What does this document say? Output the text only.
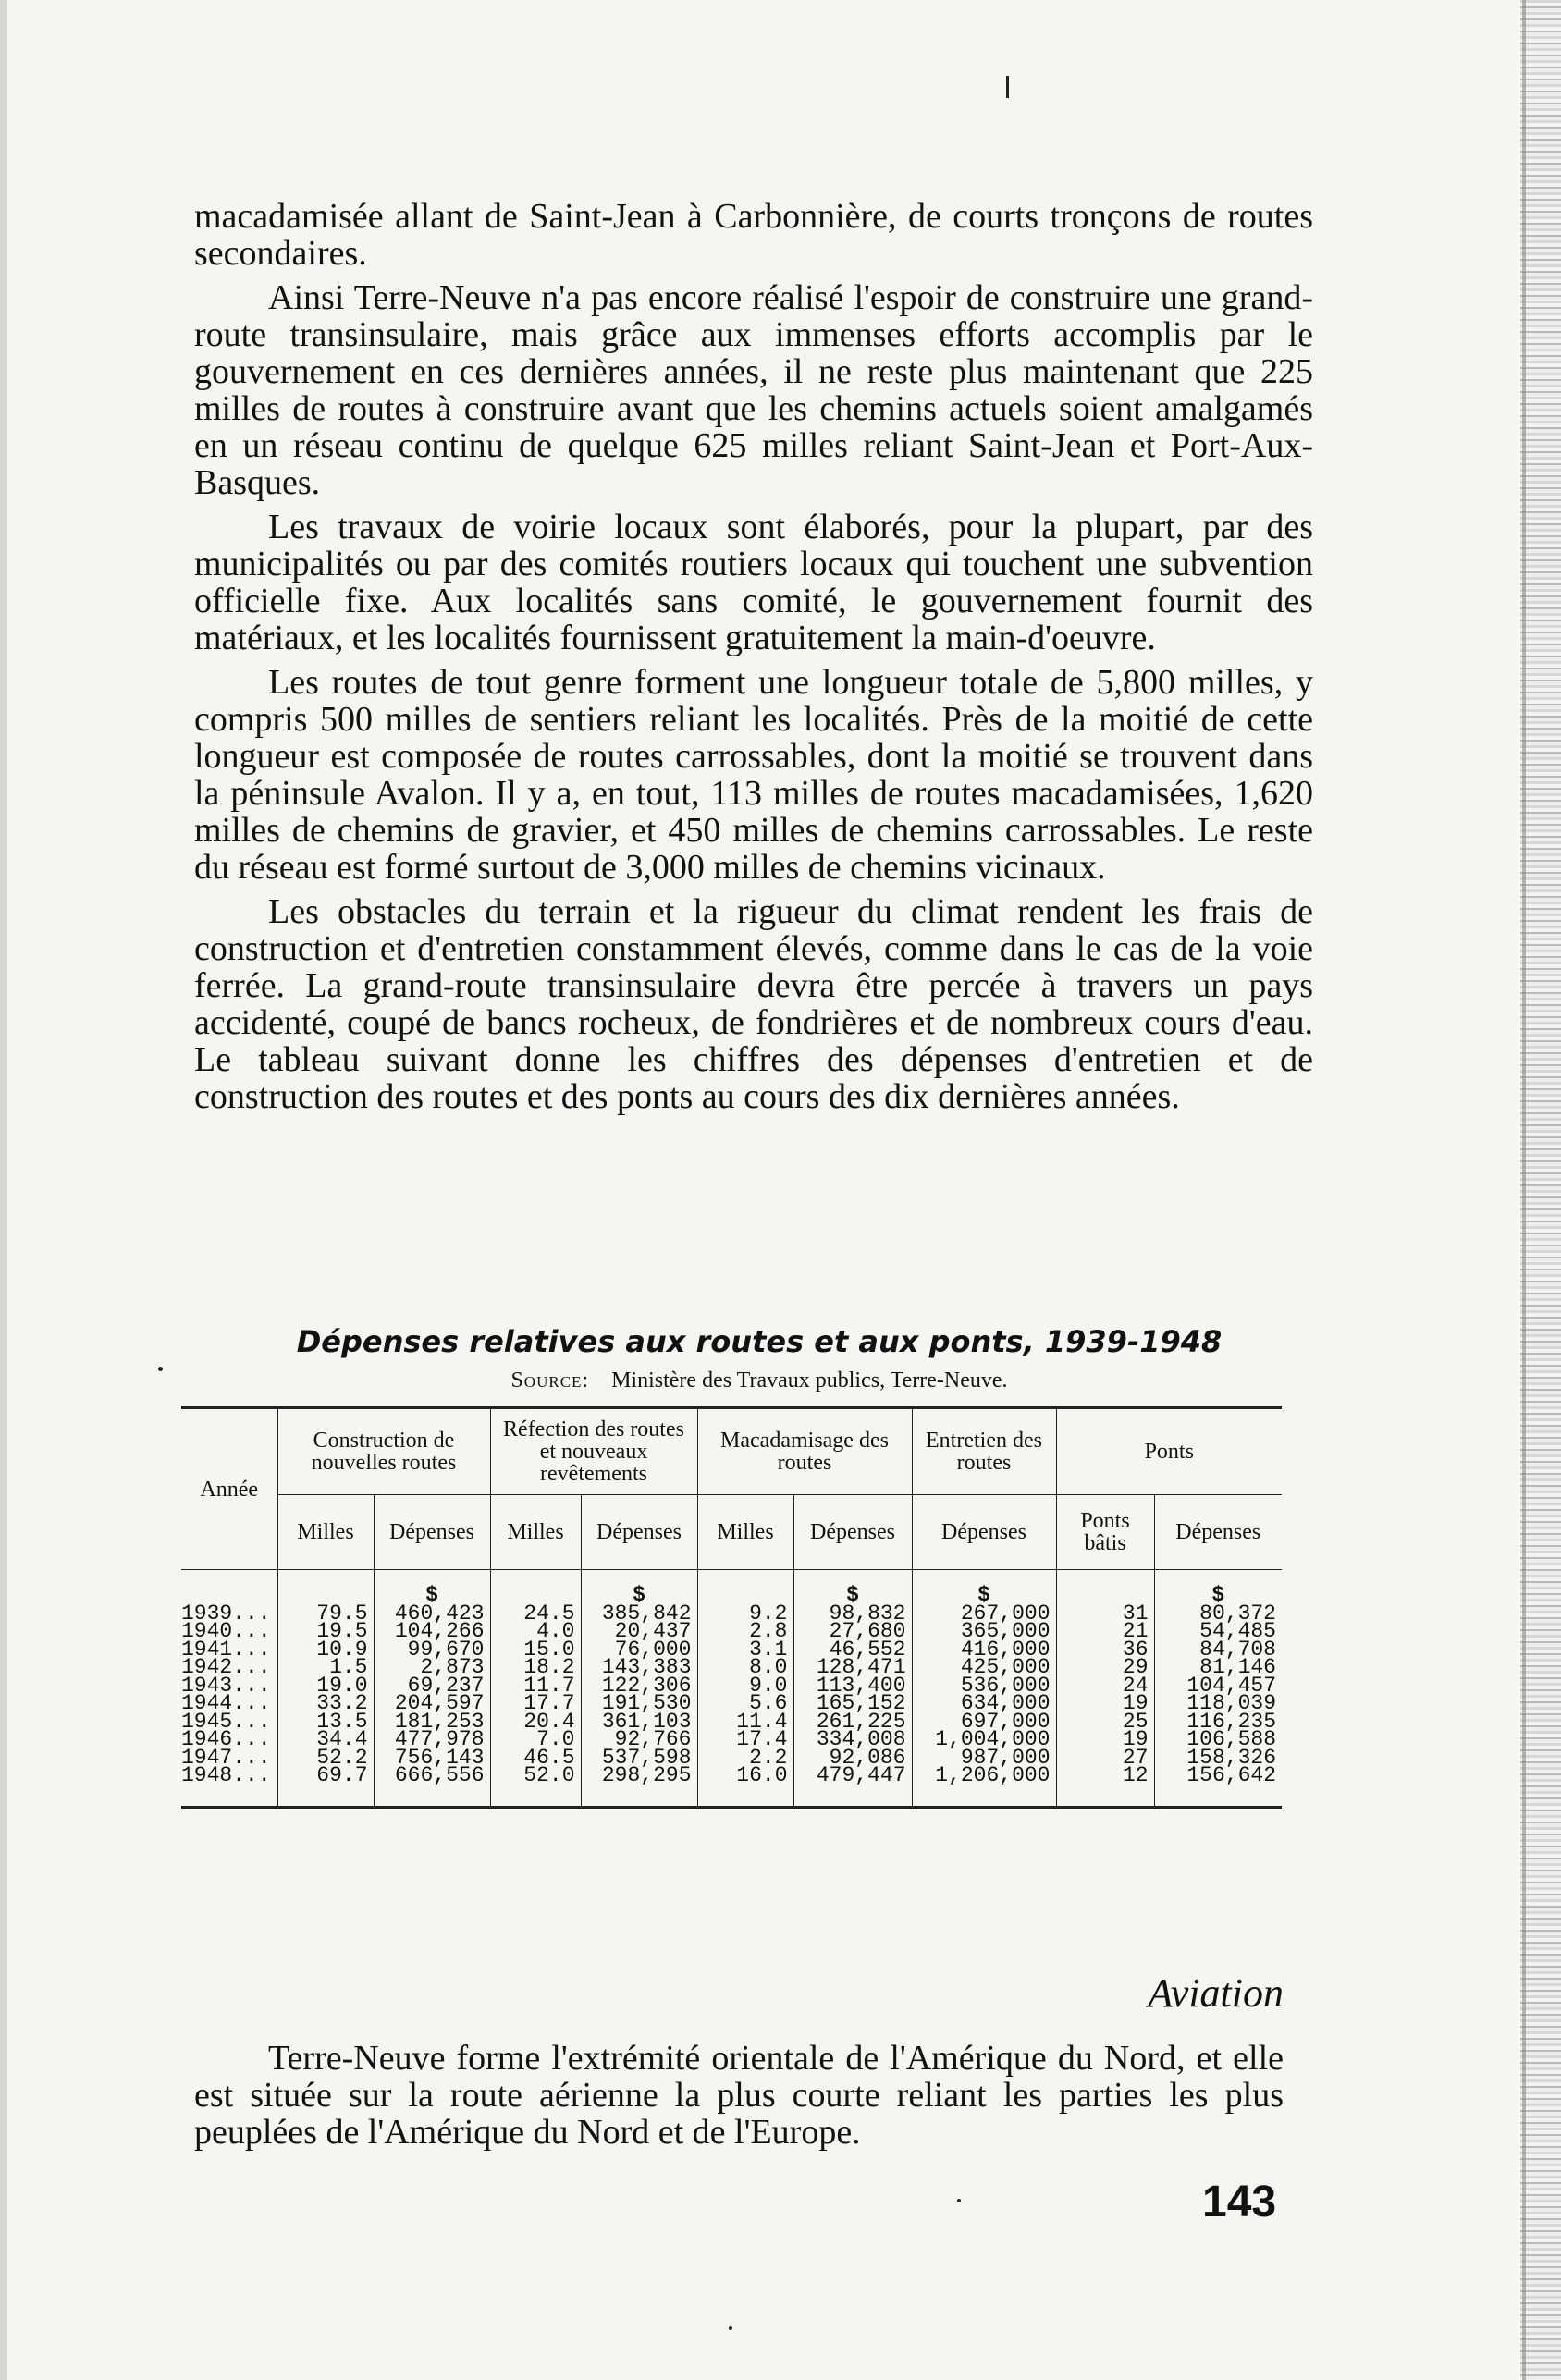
macadamisée allant de Saint-Jean à Carbonnière, de courts tronçons de routes secondaires.

Ainsi Terre-Neuve n'a pas encore réalisé l'espoir de construire une grand-route transinsulaire, mais grâce aux immenses efforts accomplis par le gouvernement en ces dernières années, il ne reste plus maintenant que 225 milles de routes à construire avant que les chemins actuels soient amalgamés en un réseau continu de quelque 625 milles reliant Saint-Jean et Port-Aux-Basques.

Les travaux de voirie locaux sont élaborés, pour la plupart, par des municipalités ou par des comités routiers locaux qui touchent une subvention officielle fixe. Aux localités sans comité, le gouvernement fournit des matériaux, et les localités fournissent gratuitement la main-d'oeuvre.

Les routes de tout genre forment une longueur totale de 5,800 milles, y compris 500 milles de sentiers reliant les localités. Près de la moitié de cette longueur est composée de routes carrossables, dont la moitié se trouvent dans la péninsule Avalon. Il y a, en tout, 113 milles de routes macadamisées, 1,620 milles de chemins de gravier, et 450 milles de chemins carrossables. Le reste du réseau est formé surtout de 3,000 milles de chemins vicinaux.

Les obstacles du terrain et la rigueur du climat rendent les frais de construction et d'entretien constamment élevés, comme dans le cas de la voie ferrée. La grand-route transinsulaire devra être percée à travers un pays accidenté, coupé de bancs rocheux, de fondrières et de nombreux cours d'eau. Le tableau suivant donne les chiffres des dépenses d'entretien et de construction des routes et des ponts au cours des dix dernières années.

Dépenses relatives aux routes et aux ponts, 1939-1948
Source: Ministère des Travaux publics, Terre-Neuve.
Année	Construction de nouvelles routes		Réfection des routes et nouveaux revêtements		Macadamisage des routes		Entretien des routes	Ponts	
	Milles	Dépenses	Milles	Dépenses	Milles	Dépenses	Dépenses	Ponts bâtis	Dépenses
		$		$		$	$		$
1939...	79.5	460,423	24.5	385,842	9.2	98,832	267,000	31	80,372
1940...	19.5	104,266	4.0	20,437	2.8	27,680	365,000	21	54,485
1941...	10.9	99,670	15.0	76,000	3.1	46,552	416,000	36	84,708
1942...	1.5	2,873	18.2	143,383	8.0	128,471	425,000	29	81,146
1943...	19.0	69,237	11.7	122,306	9.0	113,400	536,000	24	104,457
1944...	33.2	204,597	17.7	191,530	5.6	165,152	634,000	19	118,039
1945...	13.5	181,253	20.4	361,103	11.4	261,225	697,000	25	116,235
1946...	34.4	477,978	7.0	92,766	17.4	334,008	1,004,000	19	106,588
1947...	52.2	756,143	46.5	537,598	2.2	92,086	987,000	27	158,326
1948...	69.7	666,556	52.0	298,295	16.0	479,447	1,206,000	12	156,642
Aviation

Terre-Neuve forme l'extrémité orientale de l'Amérique du Nord, et elle est située sur la route aérienne la plus courte reliant les parties les plus peuplées de l'Amérique du Nord et de l'Europe.

143
